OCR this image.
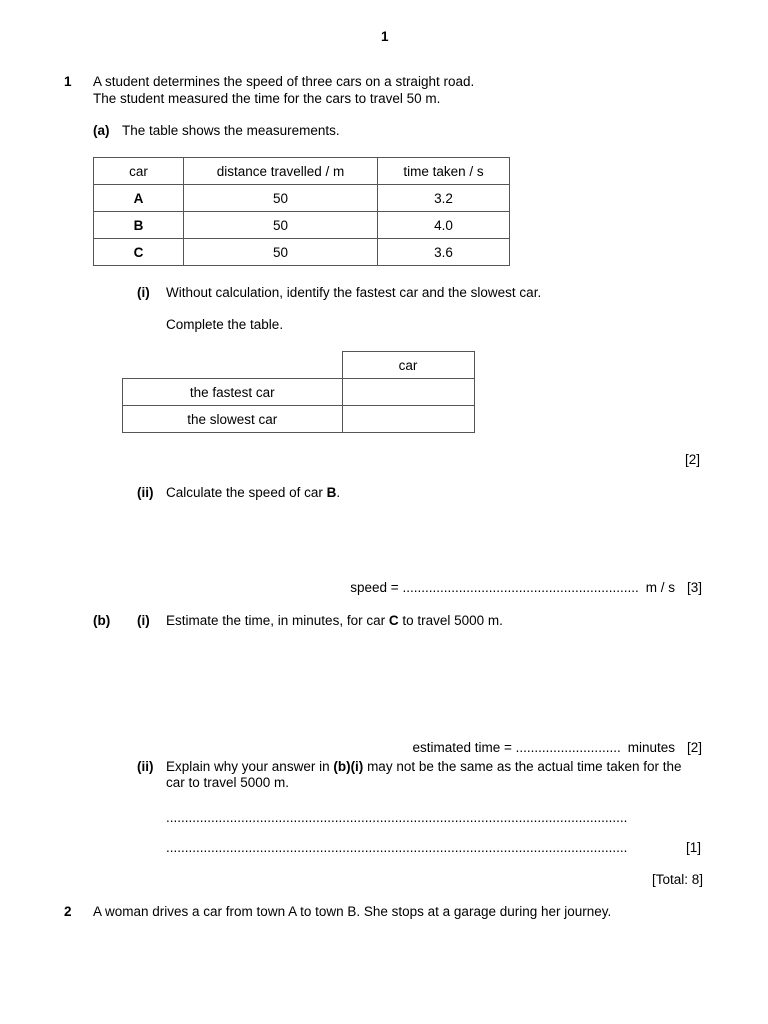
1
1 A student determines the speed of three cars on a straight road.
The student measured the time for the cars to travel 50 m.
(a) The table shows the measurements.
car	distance travelled / m	time taken / s
A	50	3.2
B	50	4.0
C	50	3.6
(i) Without calculation, identify the fastest car and the slowest car.
Complete the table.
	car
the fastest car	
the slowest car	
[2]
(ii) Calculate the speed of car B.
speed = ............................................................... m / s [3]
(b) (i) Estimate the time, in minutes, for car C to travel 5000 m.
estimated time = ............................ minutes [2]
(ii) Explain why your answer in (b)(i) may not be the same as the actual time taken for the
car to travel 5000 m.
...........................................................................................................................
...........................................................................................................................	[1]
[Total: 8]
2 A woman drives a car from town A to town B. She stops at a garage during her journey.
